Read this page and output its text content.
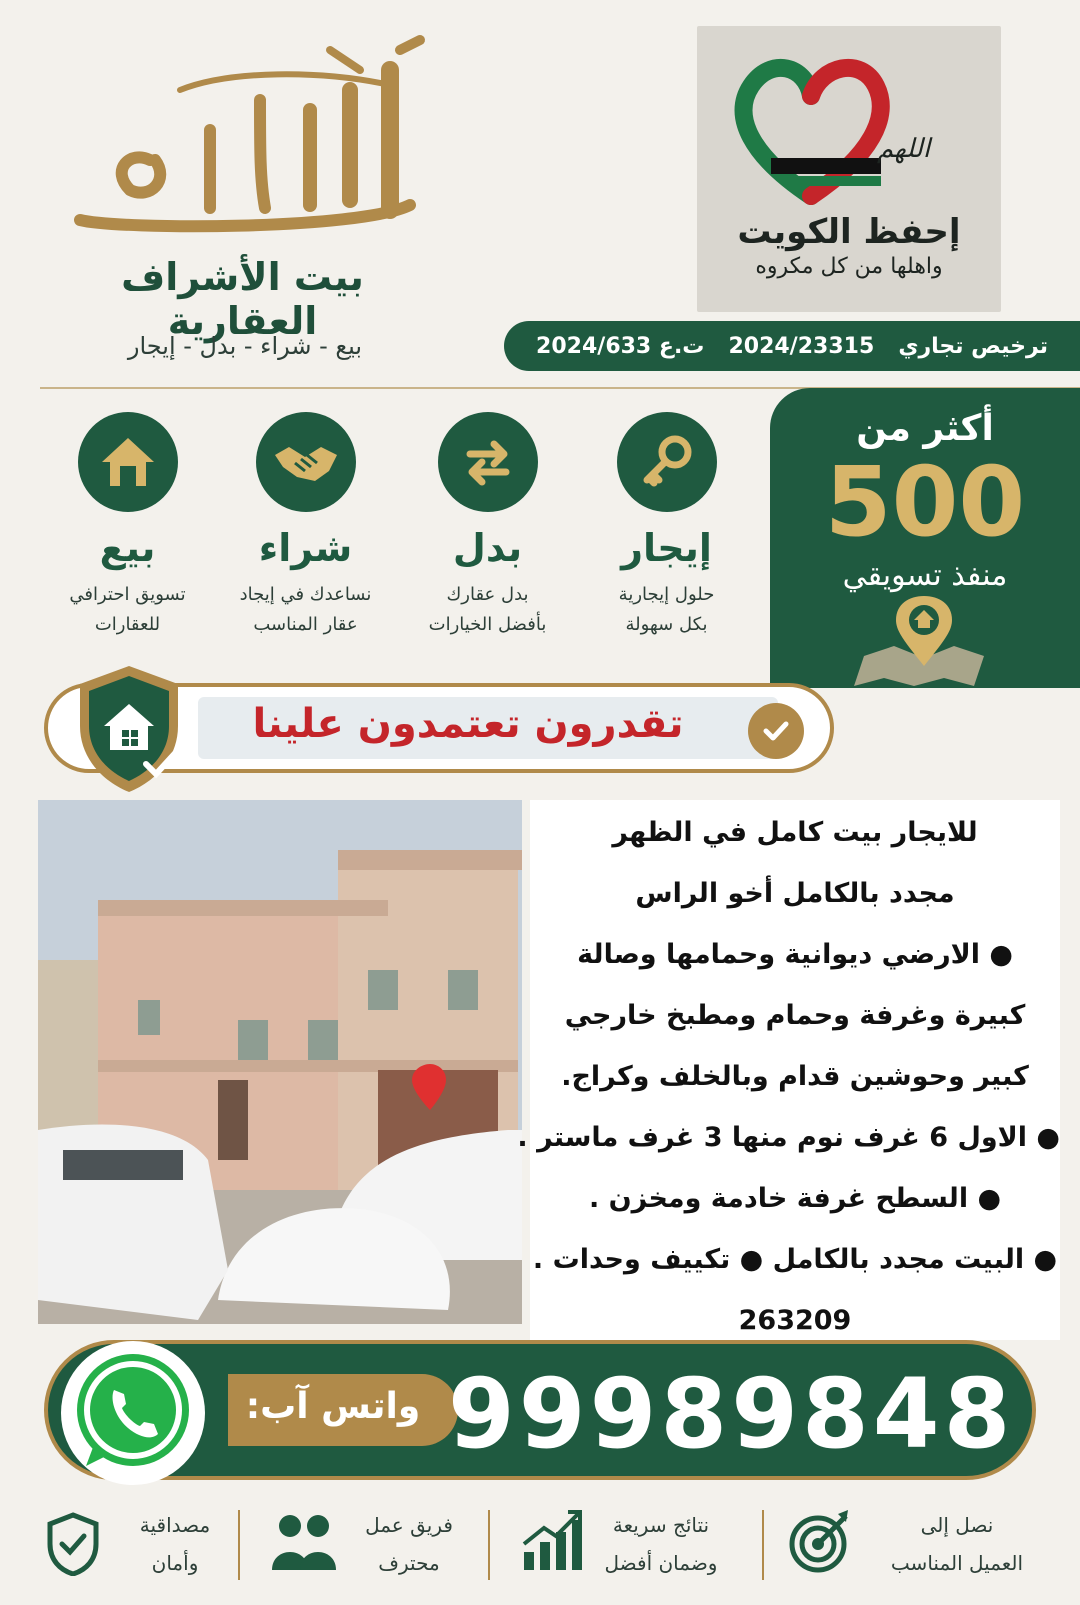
الأشراف
بيت الأشراف العقارية
بيع - شراء - بدل - إيجار
اللهم
إحفظ الكويت
واهلها من كل مكروه
ترخيص تجاري
2024/23315
ت.ع 2024/633
إيجار
حلول إيجارية
بكل سهولة
بدل
بدل عقارك
بأفضل الخيارات
شراء
نساعدك في إيجاد
عقار المناسب
بيع
تسويق احترافي
للعقارات
أكثر من
500
منفذ تسويقي
تقدرون تعتمدون علينا
للايجار بيت كامل في الظهر
مجدد بالكامل أخو الراس
● الارضي ديوانية وحمامها وصالة
كبيرة وغرفة وحمام ومطبخ خارجي
كبير وحوشين قدام وبالخلف وكراج.
● الاول 6 غرف نوم منها 3 غرف ماستر .
● السطح غرفة خادمة ومخزن .
● البيت مجدد بالكامل ● تكييف وحدات .
263209
واتس آب: 99989848
مصداقية
وأمان
فريق عمل
محترف
نتائج سريعة
وضمان أفضل
نصل إلى
العميل المناسب
